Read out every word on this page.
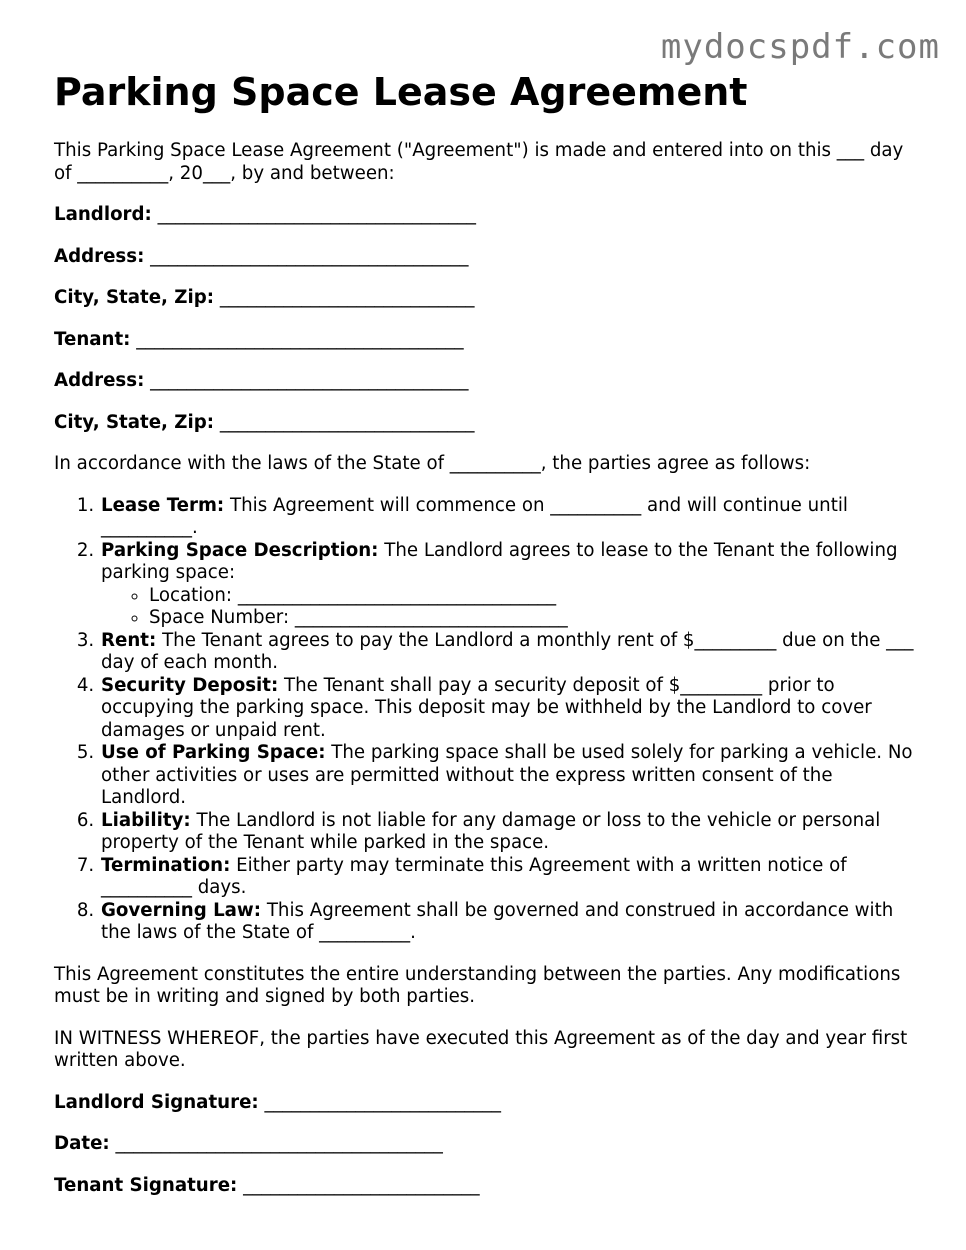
mydocspdf.com
Parking Space Lease Agreement

This Parking Space Lease Agreement ("Agreement") is made and entered into on this ___ day of __________, 20___, by and between:

Landlord: ___________________________________

Address: ___________________________________

City, State, Zip: ____________________________

Tenant: ____________________________________

Address: ___________________________________

City, State, Zip: ____________________________

In accordance with the laws of the State of __________, the parties agree as follows:

1. Lease Term: This Agreement will commence on __________ and will continue until __________.
2. Parking Space Description: The Landlord agrees to lease to the Tenant the following parking space:
◦ Location: ___________________________________
◦ Space Number: ______________________________
3. Rent: The Tenant agrees to pay the Landlord a monthly rent of $_________ due on the ___ day of each month.
4. Security Deposit: The Tenant shall pay a security deposit of $_________ prior to occupying the parking space. This deposit may be withheld by the Landlord to cover damages or unpaid rent.
5. Use of Parking Space: The parking space shall be used solely for parking a vehicle. No other activities or uses are permitted without the express written consent of the Landlord.
6. Liability: The Landlord is not liable for any damage or loss to the vehicle or personal property of the Tenant while parked in the space.
7. Termination: Either party may terminate this Agreement with a written notice of __________ days.
8. Governing Law: This Agreement shall be governed and construed in accordance with the laws of the State of __________.

This Agreement constitutes the entire understanding between the parties. Any modifications must be in writing and signed by both parties.

IN WITNESS WHEREOF, the parties have executed this Agreement as of the day and year first written above.

Landlord Signature: __________________________

Date: ____________________________________

Tenant Signature: __________________________
